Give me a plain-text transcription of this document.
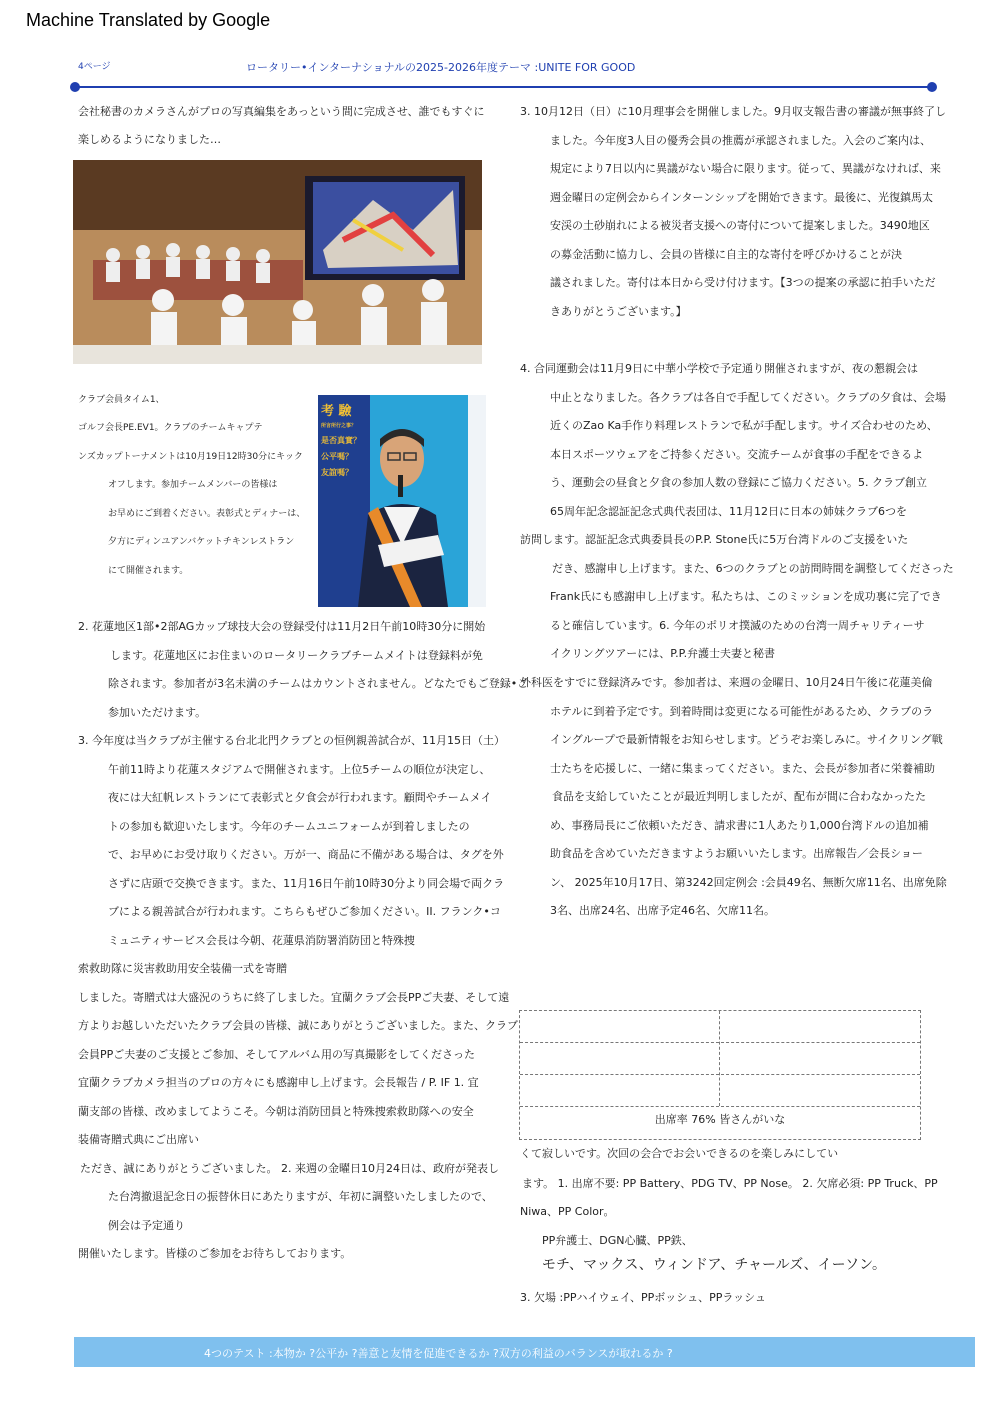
Machine Translated by Google
4ページ	ロータリー•インターナショナルの2025-2026年度テーマ :UNITE FOR GOOD
会社秘書のカメラさんがプロの写真編集をあっという間に完成させ、誰でもすぐに
楽しめるようになりました…
クラブ会員タイム1、
ゴルフ会長PE.EV1。クラブのチームキャプテ
ンズカップトーナメントは10月19日12時30分にキック
オフします。参加チームメンバーの皆様は
お早めにご到着ください。表彰式とディナーは、
夕方にディンユアンバケットチキンレストラン
にて開催されます。
考 驗
所言所行之事？
是否真實？
公平嗎？
友誼嗎？
2. 花蓮地区1部•2部AGカップ球技大会の登録受付は11月2日午前10時30分に開始
します。花蓮地区にお住まいのロータリークラブチームメイトは登録料が免
除されます。参加者が3名未満のチームはカウントされません。どなたでもご登録•ご
参加いただけます。
3. 今年度は当クラブが主催する台北北門クラブとの恒例親善試合が、11月15日（土）
午前11時より花蓮スタジアムで開催されます。上位5チームの順位が決定し、
夜には大紅帆レストランにて表彰式と夕食会が行われます。顧問やチームメイ
トの参加も歓迎いたします。今年のチームユニフォームが到着しましたの
で、お早めにお受け取りください。万が一、商品に不備がある場合は、タグを外
さずに店頭で交換できます。また、11月16日午前10時30分より同会場で両クラ
ブによる親善試合が行われます。こちらもぜひご参加ください。II. フランク•コ
ミュニティサービス会長は今朝、花蓮県消防署消防団と特殊捜
索救助隊に災害救助用安全装備一式を寄贈
しました。寄贈式は大盛況のうちに終了しました。宜蘭クラブ会長PPご夫妻、そして遠
方よりお越しいただいたクラブ会員の皆様、誠にありがとうございました。また、クラブ
会員PPご夫妻のご支援とご参加、そしてアルバム用の写真撮影をしてくださった
宜蘭クラブカメラ担当のプロの方々にも感謝申し上げます。会長報告 / P. IF 1. 宜
蘭支部の皆様、改めましてようこそ。今朝は消防団員と特殊捜索救助隊への安全
装備寄贈式典にご出席い
ただき、誠にありがとうございました。 2. 来週の金曜日10月24日は、政府が発表し
た台湾撤退記念日の振替休日にあたりますが、年初に調整いたしましたので、
例会は予定通り
開催いたします。皆様のご参加をお待ちしております。
3. 10月12日（日）に10月理事会を開催しました。9月収支報告書の審議が無事終了し
ました。今年度3人目の優秀会員の推薦が承認されました。入会のご案内は、
規定により7日以内に異議がない場合に限ります。従って、異議がなければ、来
週金曜日の定例会からインターンシップを開始できます。最後に、光復鎮馬太
安渓の土砂崩れによる被災者支援への寄付について提案しました。3490地区
の募金活動に協力し、会員の皆様に自主的な寄付を呼びかけることが決
議されました。寄付は本日から受け付けます。【3つの提案の承認に拍手いただ
きありがとうございます。】
4. 合同運動会は11月9日に中華小学校で予定通り開催されますが、夜の懇親会は
中止となりました。各クラブは各自で手配してください。クラブの夕食は、会場
近くのZao Ka手作り料理レストランで私が手配します。サイズ合わせのため、
本日スポーツウェアをご持参ください。交流チームが食事の手配をできるよ
う、運動会の昼食と夕食の参加人数の登録にご協力ください。5. クラブ創立
65周年記念認証記念式典代表団は、11月12日に日本の姉妹クラブ6つを
訪問します。認証記念式典委員長のP.P. Stone氏に5万台湾ドルのご支援をいた
だき、感謝申し上げます。また、6つのクラブとの訪問時間を調整してくださった
Frank氏にも感謝申し上げます。私たちは、このミッションを成功裏に完了でき
ると確信しています。6. 今年のポリオ撲滅のための台湾一周チャリティーサ
イクリングツアーには、P.P.弁護士夫妻と秘書
外科医をすでに登録済みです。参加者は、来週の金曜日、10月24日午後に花蓮美倫
ホテルに到着予定です。到着時間は変更になる可能性があるため、クラブのラ
イングループで最新情報をお知らせします。どうぞお楽しみに。サイクリング戦
士たちを応援しに、一緒に集まってください。また、会長が参加者に栄養補助
食品を支給していたことが最近判明しましたが、配布が間に合わなかったた
め、事務局長にご依頼いただき、請求書に1人あたり1,000台湾ドルの追加補
助食品を含めていただきますようお願いいたします。出席報告／会長ショー
ン、 2025年10月17日、第3242回定例会 :会員49名、無断欠席11名、出席免除
3名、出席24名、出席予定46名、欠席11名。
出席率 76% 皆さんがいな
くて寂しいです。次回の会合でお会いできるのを楽しみにしてい
ます。 1. 出席不要: PP Battery、PDG TV、PP Nose。 2. 欠席必須: PP Truck、PP
Niwa、PP Color。
PP弁護士、DGN心臓、PP鉄、
モチ、マックス、ウィンドア、チャールズ、イーソン。
3. 欠場 :PPハイウェイ、PPボッシュ、PPラッシュ
4つのテスト :本物か ?公平か ?善意と友情を促進できるか ?双方の利益のバランスが取れるか ?
